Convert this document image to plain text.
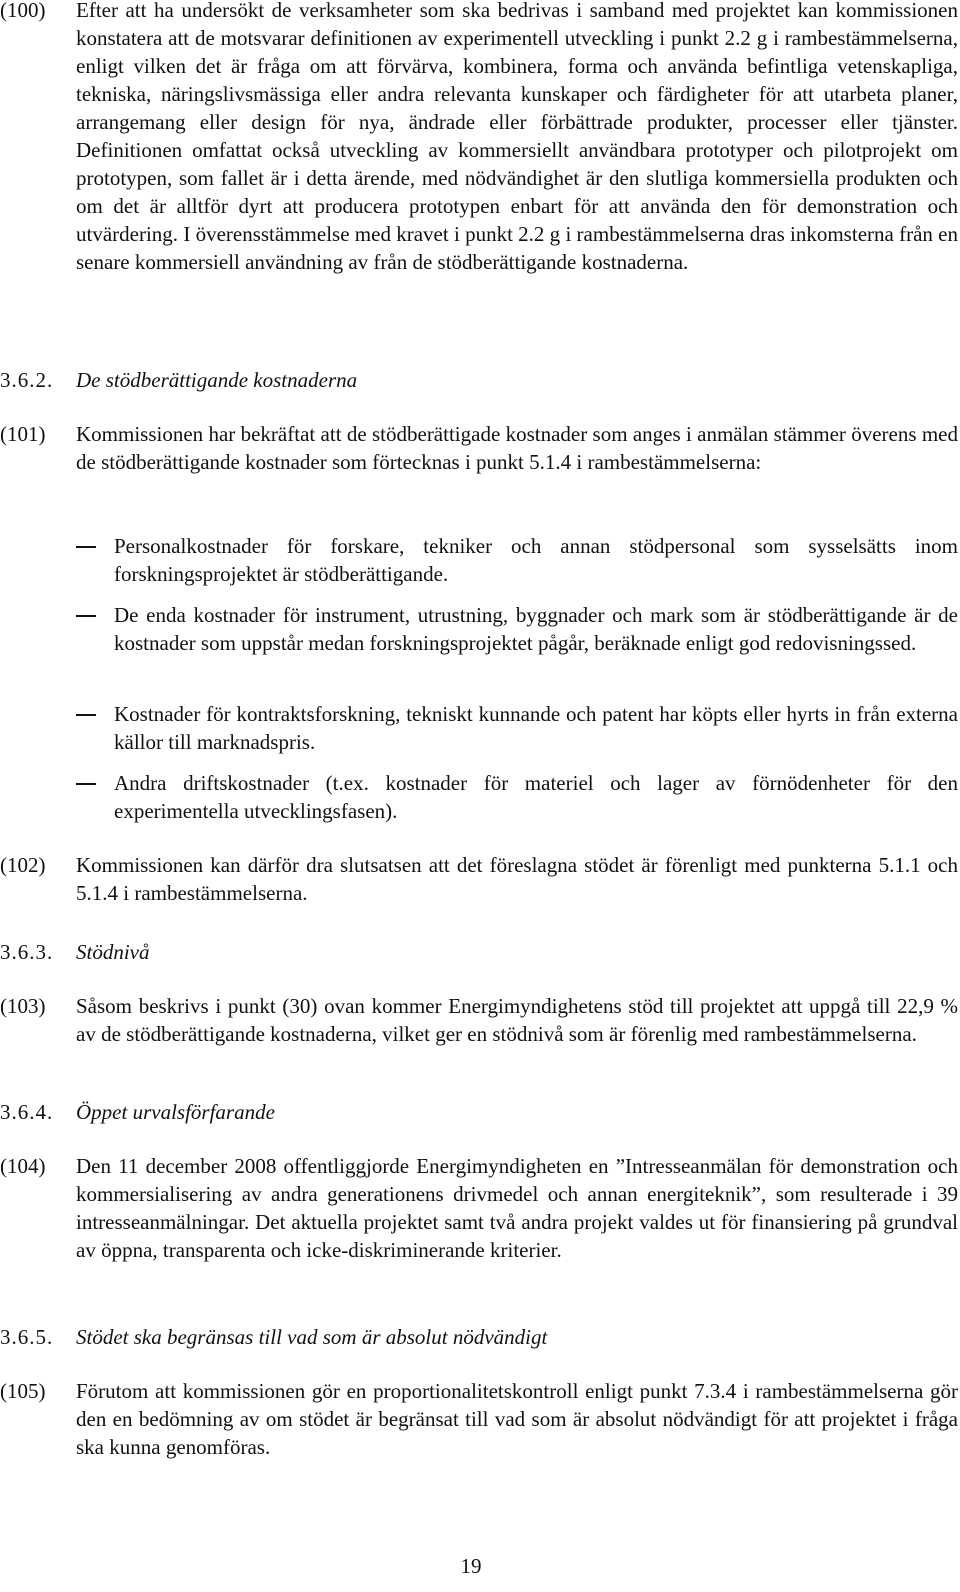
(100) Efter att ha undersökt de verksamheter som ska bedrivas i samband med projektet kan kommissionen konstatera att de motsvarar definitionen av experimentell utveckling i punkt 2.2 g i rambestämmelserna, enligt vilken det är fråga om att förvärva, kombinera, forma och använda befintliga vetenskapliga, tekniska, näringslivsmässiga eller andra relevanta kunskaper och färdigheter för att utarbeta planer, arrangemang eller design för nya, ändrade eller förbättrade produkter, processer eller tjänster. Definitionen omfattat också utveckling av kommersiellt användbara prototyper och pilotprojekt om prototypen, som fallet är i detta ärende, med nödvändighet är den slutliga kommersiella produkten och om det är alltför dyrt att producera prototypen enbart för att använda den för demonstration och utvärdering. I överensstämmelse med kravet i punkt 2.2 g i rambestämmelserna dras inkomsterna från en senare kommersiell användning av från de stödberättigande kostnaderna.
3.6.2. De stödberättigande kostnaderna
(101) Kommissionen har bekräftat att de stödberättigade kostnader som anges i anmälan stämmer överens med de stödberättigande kostnader som förtecknas i punkt 5.1.4 i rambestämmelserna:
Personalkostnader för forskare, tekniker och annan stödpersonal som sysselsätts inom forskningsprojektet är stödberättigande.
De enda kostnader för instrument, utrustning, byggnader och mark som är stödberättigande är de kostnader som uppstår medan forskningsprojektet pågår, beräknade enligt god redovisningssed.
Kostnader för kontraktsforskning, tekniskt kunnande och patent har köpts eller hyrts in från externa källor till marknadspris.
Andra driftskostnader (t.ex. kostnader för materiel och lager av förnödenheter för den experimentella utvecklingsfasen).
(102) Kommissionen kan därför dra slutsatsen att det föreslagna stödet är förenligt med punkterna 5.1.1 och 5.1.4 i rambestämmelserna.
3.6.3. Stödnivå
(103) Såsom beskrivs i punkt (30) ovan kommer Energimyndighetens stöd till projektet att uppgå till 22,9 % av de stödberättigande kostnaderna, vilket ger en stödnivå som är förenlig med rambestämmelserna.
3.6.4. Öppet urvalsförfarande
(104) Den 11 december 2008 offentliggjorde Energimyndigheten en ”Intresseanmälan för demonstration och kommersialisering av andra generationens drivmedel och annan energiteknik”, som resulterade i 39 intresseanmälningar. Det aktuella projektet samt två andra projekt valdes ut för finansiering på grundval av öppna, transparenta och icke-diskriminerande kriterier.
3.6.5. Stödet ska begränsas till vad som är absolut nödvändigt
(105) Förutom att kommissionen gör en proportionalitetskontroll enligt punkt 7.3.4 i rambestämmelserna gör den en bedömning av om stödet är begränsat till vad som är absolut nödvändigt för att projektet i fråga ska kunna genomföras.
19
